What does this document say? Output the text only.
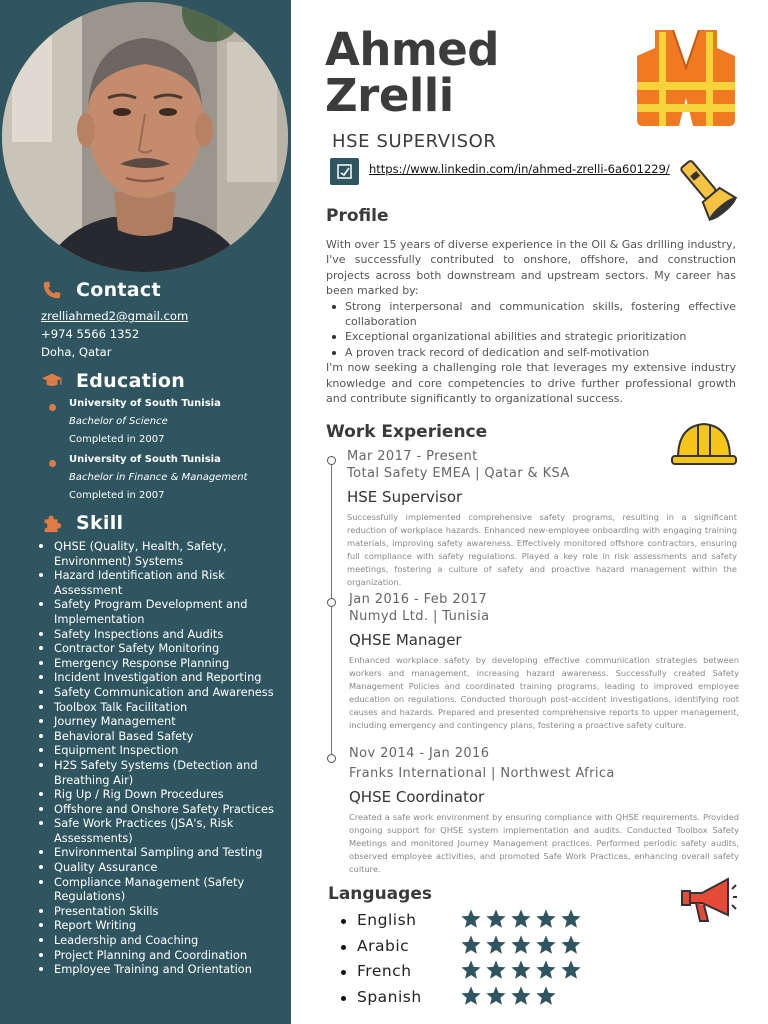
Contact
zrelliahmed2@gmail.com
+974 5566 1352
Doha, Qatar
Education
University of South Tunisia
Bachelor of Science
Completed in 2007
University of South Tunisia
Bachelor in Finance & Management
Completed in 2007
Skill
QHSE (Quality, Health, Safety, Environment) Systems
Hazard Identification and Risk Assessment
Safety Program Development and Implementation
Safety Inspections and Audits
Contractor Safety Monitoring
Emergency Response Planning
Incident Investigation and Reporting
Safety Communication and Awareness
Toolbox Talk Facilitation
Journey Management
Behavioral Based Safety
Equipment Inspection
H2S Safety Systems (Detection and Breathing Air)
Rig Up / Rig Down Procedures
Offshore and Onshore Safety Practices
Safe Work Practices (JSA's, Risk Assessments)
Environmental Sampling and Testing
Quality Assurance
Compliance Management (Safety Regulations)
Presentation Skills
Report Writing
Leadership and Coaching
Project Planning and Coordination
Employee Training and Orientation
Ahmed
Zrelli
HSE SUPERVISOR
https://www.linkedin.com/in/ahmed-zrelli-6a601229/
Profile
With over 15 years of diverse experience in the Oil & Gas drilling industry, I've successfully contributed to onshore, offshore, and construction projects across both downstream and upstream sectors. My career has been marked by:
Strong interpersonal and communication skills, fostering effective collaboration
Exceptional organizational abilities and strategic prioritization
A proven track record of dedication and self-motivation
I'm now seeking a challenging role that leverages my extensive industry knowledge and core competencies to drive further professional growth and contribute significantly to organizational success.
Work Experience
Mar 2017 - Present
Total Safety EMEA | Qatar & KSA
HSE Supervisor
Successfully implemented comprehensive safety programs, resulting in a significant reduction of workplace hazards. Enhanced new-employee onboarding with engaging training materials, improving safety awareness. Effectively monitored offshore contractors, ensuring full compliance with safety regulations. Played a key role in risk assessments and safety meetings, fostering a culture of safety and proactive hazard management within the organization.
Jan 2016 - Feb 2017
Numyd Ltd. | Tunisia
QHSE Manager
Enhanced workplace safety by developing effective communication strategies between workers and management, increasing hazard awareness. Successfully created Safety Management Policies and coordinated training programs, leading to improved employee education on regulations. Conducted thorough post-accident investigations, identifying root causes and hazards. Prepared and presented comprehensive reports to upper management, including emergency and contingency plans, fostering a proactive safety culture.
Nov 2014 - Jan 2016
Franks International | Northwest Africa
QHSE Coordinator
Created a safe work environment by ensuring compliance with QHSE requirements. Provided ongoing support for QHSE system implementation and audits. Conducted Toolbox Safety Meetings and monitored Journey Management practices. Performed periodic safety audits, observed employee activities, and promoted Safe Work Practices, enhancing overall safety culture.
Languages
English
Arabic
French
Spanish
